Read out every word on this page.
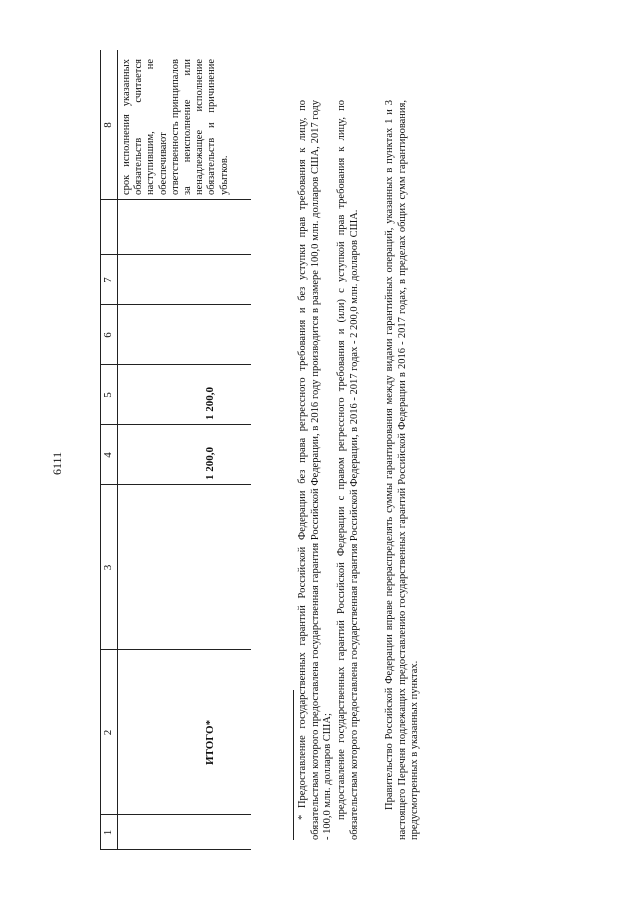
6111
1
2
3
4
5
6
7
8 срок исполнения указанных обязательств считается наступившим, не обеспечивают ответственность принципалов за неисполнение или ненадлежащее исполнение обязательств и причинение убытков.
ИТОГО*
1 200,0
1 200,0	* Предоставление государственных гарантий Российской Федерации без права регрессного требования и без уступки прав требования к лицу, по обязательствам которого предоставлена государственная гарантия Российской Федерации, в 2016 году производится в размере 100,0 млн. долларов США, 2017 году - 100,0 млн. долларов США; предоставление государственных гарантий Российской Федерации с правом регрессного требования и (или) с уступкой прав требования к лицу, по обязательствам которого предоставлена государственная гарантия Российской Федерации, в 2016 - 2017 годах - 2 200,0 млн. долларов США. Правительство Российской Федерации вправе перераспределять суммы гарантирования между видами гарантийных операций, указанных в пунктах 1 и 3 настоящего Перечня подлежащих предоставлению государственных гарантий Российской Федерации в 2016 - 2017 годах, в пределах общих сумм гарантирования, предусмотренных в указанных пунктах.
